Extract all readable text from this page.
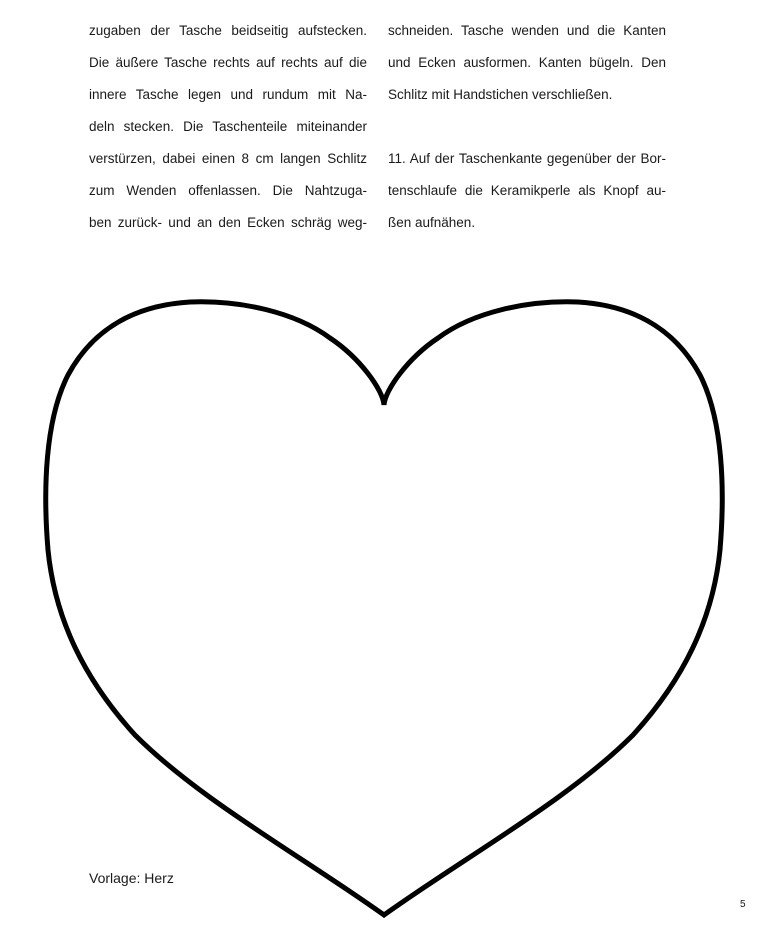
zugaben der Tasche beidseitig aufstecken.
Die äußere Tasche rechts auf rechts auf die
innere Tasche legen und rundum mit Na-
deln stecken. Die Taschenteile miteinander
verstürzen, dabei einen 8 cm langen Schlitz
zum Wenden offenlassen. Die Nahtzuga-
ben zurück- und an den Ecken schräg weg-
schneiden. Tasche wenden und die Kanten
und Ecken ausformen. Kanten bügeln. Den
Schlitz mit Handstichen verschließen.
11. Auf der Taschenkante gegenüber der Bor-
tenschlaufe die Keramikperle als Knopf au-
ßen aufnähen.
Vorlage: Herz
5
